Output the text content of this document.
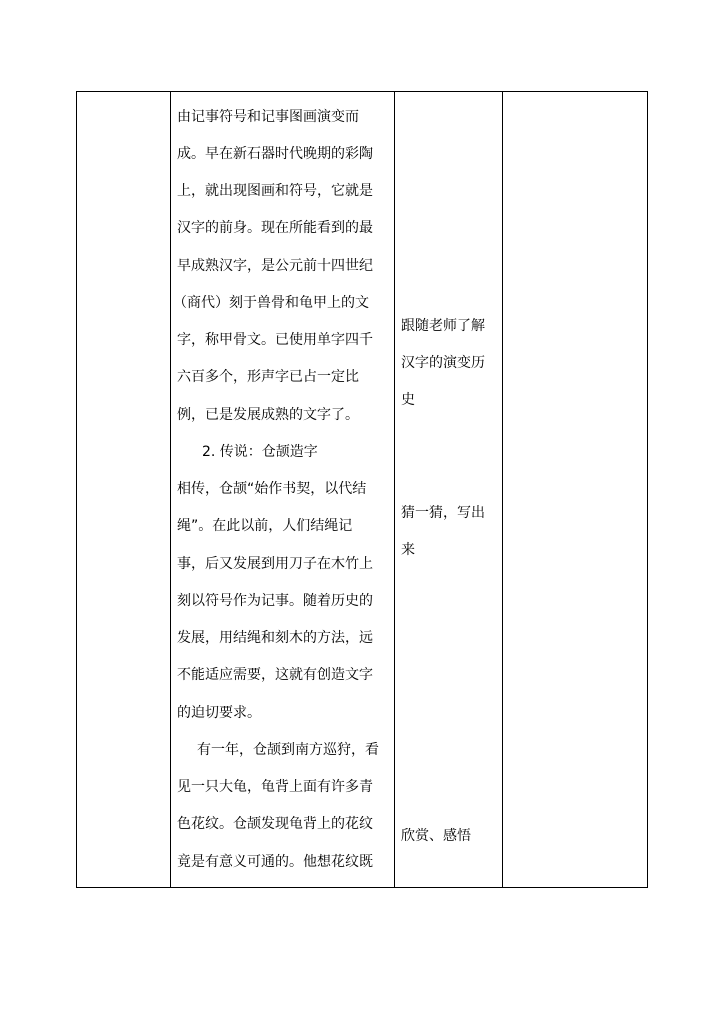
由记事符号和记事图画演变而
成。早在新石器时代晚期的彩陶
上，就出现图画和符号，它就是
汉字的前身。现在所能看到的最
早成熟汉字，是公元前十四世纪
（商代）刻于兽骨和龟甲上的文
字，称甲骨文。已使用单字四千
六百多个，形声字已占一定比
例，已是发展成熟的文字了。
2. 传说：仓颉造字
相传，仓颉“始作书契，以代结
绳”。在此以前，人们结绳记
事，后又发展到用刀子在木竹上
刻以符号作为记事。随着历史的
发展，用结绳和刻木的方法，远
不能适应需要，这就有创造文字
的迫切要求。
有一年，仓颉到南方巡狩，看
见一只大龟，龟背上面有许多青
色花纹。仓颉发现龟背上的花纹
竟是有意义可通的。他想花纹既
跟随老师了解
汉字的演变历
史
猜一猜，写出
来
欣赏、感悟
